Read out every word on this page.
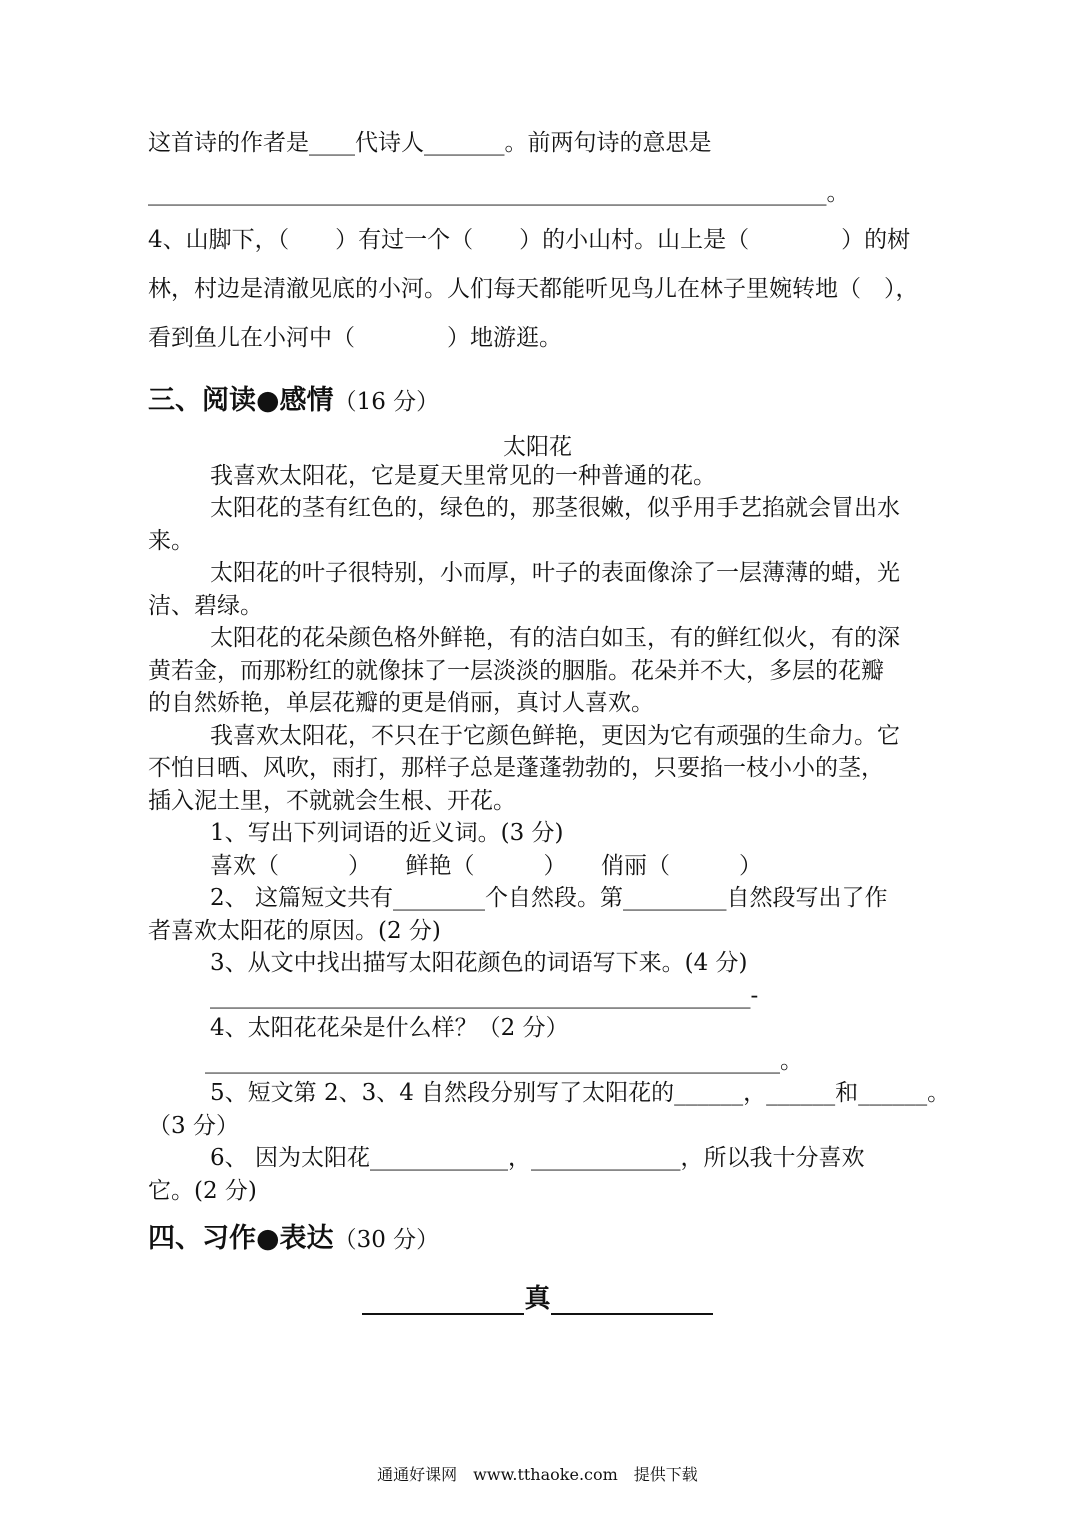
这首诗的作者是____代诗人_______。前两句诗的意思是
___________________________________________________________。
4、山脚下，（　　）有过一个（　　）的小山村。山上是（　　　　）的树
林，村边是清澈见底的小河。人们每天都能听见鸟儿在林子里婉转地（　），
看到鱼儿在小河中（　　　　）地游逛。
三、阅读●感情（16 分）
太阳花
我喜欢太阳花，它是夏天里常见的一种普通的花。
太阳花的茎有红色的，绿色的，那茎很嫩，似乎用手艺掐就会冒出水
来。
太阳花的叶子很特别，小而厚，叶子的表面像涂了一层薄薄的蜡，光
洁、碧绿。
太阳花的花朵颜色格外鲜艳，有的洁白如玉，有的鲜红似火，有的深
黄若金，而那粉红的就像抹了一层淡淡的胭脂。花朵并不大，多层的花瓣
的自然娇艳，单层花瓣的更是俏丽，真讨人喜欢。
我喜欢太阳花，不只在于它颜色鲜艳，更因为它有顽强的生命力。它
不怕日晒、风吹，雨打，那样子总是蓬蓬勃勃的，只要掐一枝小小的茎，
插入泥土里，不就就会生根、开花。
1、写出下列词语的近义词。(3 分)
喜欢（　　　）　　鲜艳（　　　）　　俏丽（　　　）
2、 这篇短文共有________个自然段。第_________自然段写出了作
者喜欢太阳花的原因。(2 分)
3、从文中找出描写太阳花颜色的词语写下来。(4 分)
_______________________________________________-
4、太阳花花朵是什么样？（2 分）
__________________________________________________。
5、短文第 2、3、4 自然段分别写了太阳花的______，______和______。
（3 分）
6、 因为太阳花____________，_____________，所以我十分喜欢
它。(2 分)
四、习作●表达（30 分）
真
通通好课网　www.tthaoke.com　提供下载
